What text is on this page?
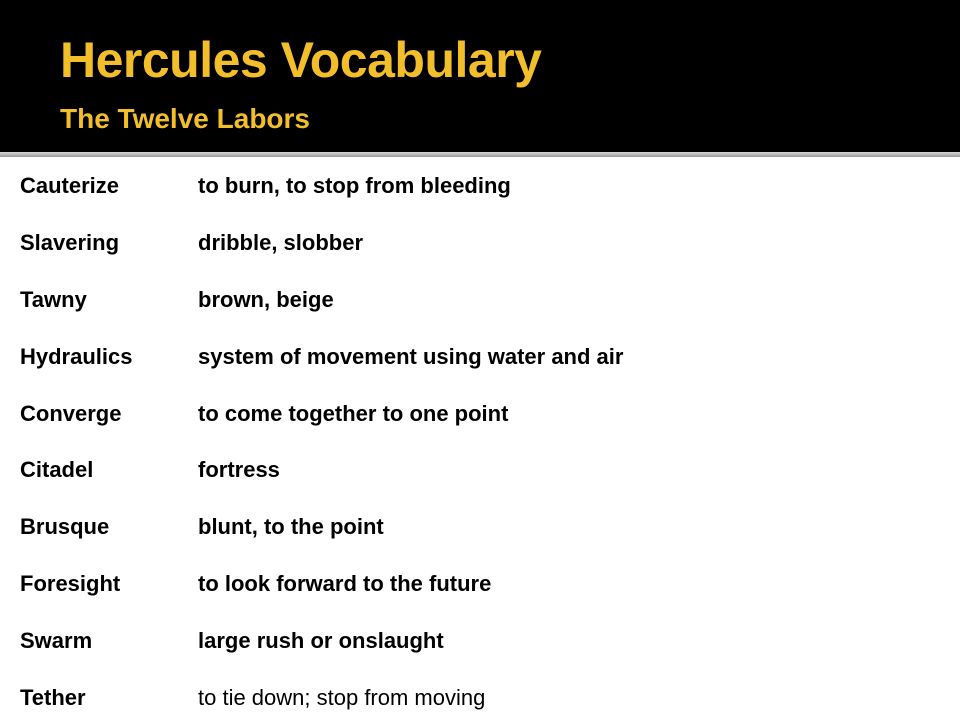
Hercules Vocabulary
The Twelve Labors
Cauterize	to burn, to stop from bleeding
Slavering	dribble, slobber
Tawny	brown, beige
Hydraulics	system of movement using water and air
Converge	to come together to one point
Citadel	fortress
Brusque	blunt, to the point
Foresight	to look forward to the future
Swarm	large rush or onslaught
Tether	to tie down; stop from moving
